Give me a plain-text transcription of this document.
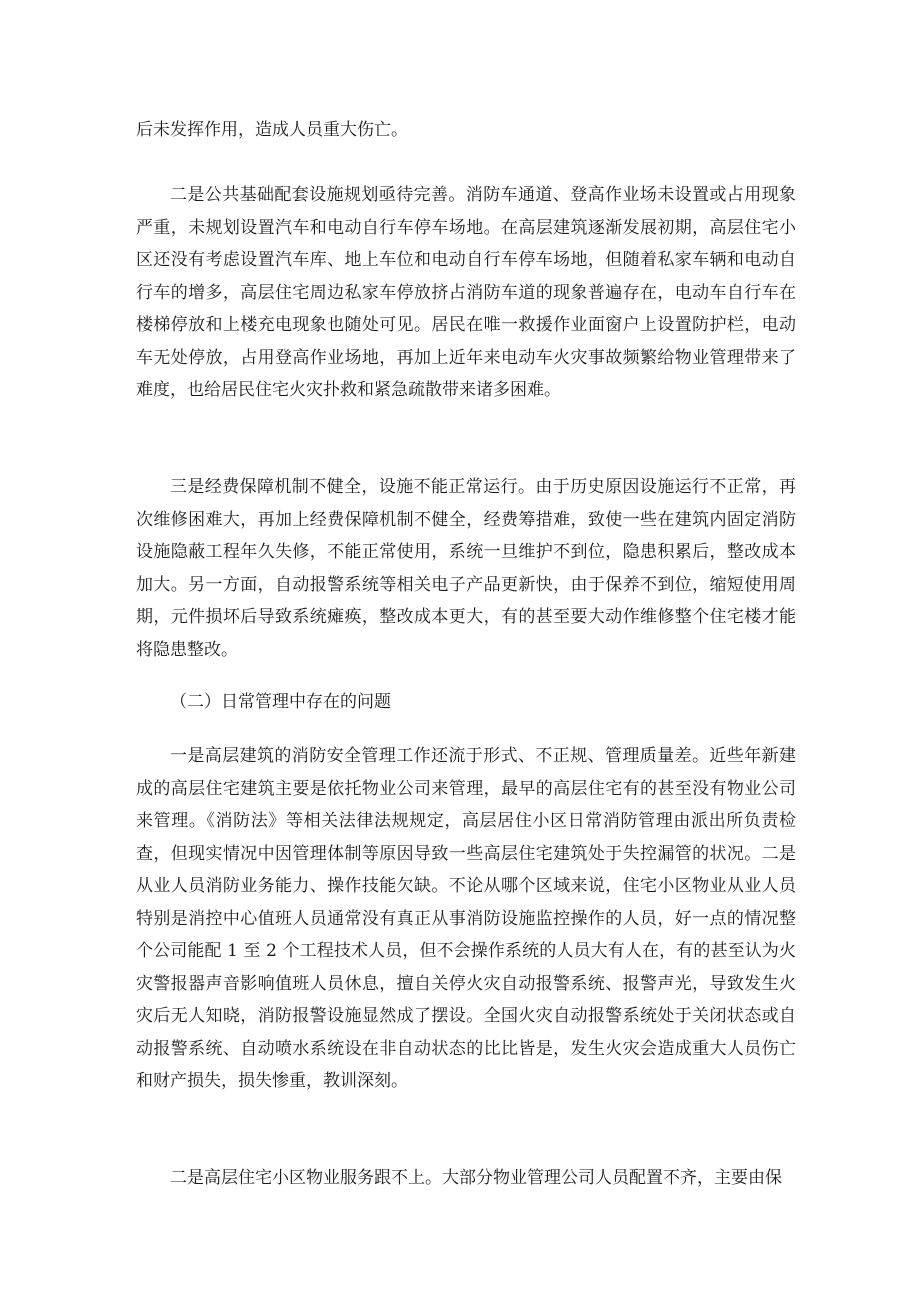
后未发挥作用，造成人员重大伤亡。

二是公共基础配套设施规划亟待完善。消防车通道、登高作业场未设置或占用现象严重，未规划设置汽车和电动自行车停车场地。在高层建筑逐渐发展初期，高层住宅小区还没有考虑设置汽车库、地上车位和电动自行车停车场地，但随着私家车辆和电动自行车的增多，高层住宅周边私家车停放挤占消防车道的现象普遍存在，电动车自行车在楼梯停放和上楼充电现象也随处可见。居民在唯一救援作业面窗户上设置防护栏，电动车无处停放，占用登高作业场地，再加上近年来电动车火灾事故频繁给物业管理带来了难度，也给居民住宅火灾扑救和紧急疏散带来诸多困难。

三是经费保障机制不健全，设施不能正常运行。由于历史原因设施运行不正常，再次维修困难大，再加上经费保障机制不健全，经费筹措难，致使一些在建筑内固定消防设施隐蔽工程年久失修，不能正常使用，系统一旦维护不到位，隐患积累后，整改成本加大。另一方面，自动报警系统等相关电子产品更新快，由于保养不到位，缩短使用周期，元件损坏后导致系统瘫痪，整改成本更大，有的甚至要大动作维修整个住宅楼才能将隐患整改。

（二）日常管理中存在的问题

一是高层建筑的消防安全管理工作还流于形式、不正规、管理质量差。近些年新建成的高层住宅建筑主要是依托物业公司来管理，最早的高层住宅有的甚至没有物业公司来管理。《消防法》等相关法律法规规定，高层居住小区日常消防管理由派出所负责检查，但现实情况中因管理体制等原因导致一些高层住宅建筑处于失控漏管的状况。二是从业人员消防业务能力、操作技能欠缺。不论从哪个区域来说，住宅小区物业从业人员特别是消控中心值班人员通常没有真正从事消防设施监控操作的人员，好一点的情况整个公司能配 1 至 2 个工程技术人员，但不会操作系统的人员大有人在，有的甚至认为火灾警报器声音影响值班人员休息，擅自关停火灾自动报警系统、报警声光，导致发生火灾后无人知晓，消防报警设施显然成了摆设。全国火灾自动报警系统处于关闭状态或自动报警系统、自动喷水系统设在非自动状态的比比皆是，发生火灾会造成重大人员伤亡和财产损失，损失惨重，教训深刻。

二是高层住宅小区物业服务跟不上。大部分物业管理公司人员配置不齐，主要由保
